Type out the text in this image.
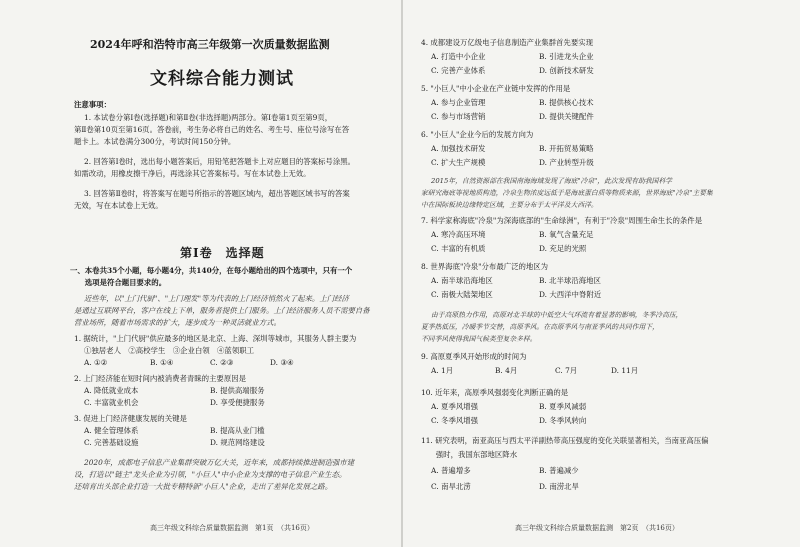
2024年呼和浩特市高三年级第一次质量数据监测
文科综合能力测试
注意事项：
1. 本试卷分第Ⅰ卷(选择题)和第Ⅱ卷(非选择题)两部分。第Ⅰ卷第1页至第9页，
第Ⅱ卷第10页至第16页。答卷前，考生务必将自己的姓名、考生号、座位号涂写在答
题卡上。本试卷满分300分，考试时间150分钟。
2. 回答第Ⅰ卷时，选出每小题答案后，用铅笔把答题卡上对应题目的答案标号涂黑。
如需改动，用橡皮擦干净后，再选涂其它答案标号。写在本试卷上无效。
3. 回答第Ⅱ卷时，将答案写在题号所指示的答题区域内，超出答题区域书写的答案
无效，写在本试卷上无效。
第Ⅰ卷　选择题
一、本卷共35个小题，每小题4分，共140分，在每小题给出的四个选项中，只有一个
　　选项是符合题目要求的。
近些年，以"上门代厨"、"上门理发"等为代表的上门经济悄然火了起来。上门经济
是通过互联网平台，客户在线上下单，服务者提供上门服务。上门经济服务人员不需要自备
营业场所，随着市场需求的扩大，逐步成为一种灵活就业方式。
1. 据统计，"上门代厨"供应最多的地区是北京、上海、深圳等城市，其服务人群主要为
①独居老人　②高校学生　③企业白领　④蓝领职工
A. ①②	B. ①④	C. ②③	D. ③④
2. 上门经济能在短时间内被消费者青睐的主要原因是
A. 降低就业成本	B. 提供高端服务
C. 丰富就业机会	D. 享受便捷服务
3. 促进上门经济健康发展的关键是
A. 健全管理体系	B. 提高从业门槛
C. 完善基础设施	D. 规范网络建设
2020年，成都电子信息产业集群突破万亿大关，近年来，成都持续推进制造强市建
设，打造以"链主"龙头企业为引领，"小巨人"中小企业为支撑的电子信息产业生态。
还培育出头部企业打造一大批专精特新"小巨人"企业，走出了差异化发展之路。
高三年级文科综合质量数据监测　第1页　（共16页）
4. 成都建设万亿级电子信息制造产业集群首先要实现
A. 打造中小企业	B. 引进龙头企业
C. 完善产业体系	D. 创新技术研发
5. "小巨人"中小企业在产业链中发挥的作用是
A. 参与企业管理	B. 提供核心技术
C. 参与市场营销	D. 提供关键配件
6. "小巨人"企业今后的发展方向为
A. 加强技术研发	B. 开拓贸易策略
C. 扩大生产规模	D. 产业转型升级
2015年，自然资源部在我国南海海域发现了海底"冷泉"，此次发现有助我国科学
家研究海底等视地质构造，冷泉生物浓度远低于是海底蛋白质等物质来源，世界海底"冷泉"主要集
中在国际板块边缘特定区域，主要分布于太平洋及大西洋。
7. 科学家称海底"冷泉"为深海底部的"生命绿洲"，有利于"冷泉"周围生命生长的条件是
A. 寒冷高压环境	B. 氧气含量充足
C. 丰富的有机质	D. 充足的光照
8. 世界海底"冷泉"分布最广泛的地区为
A. 南半球沿海地区	B. 北半球沿海地区
C. 南极大陆架地区	D. 大西洋中脊附近
由于高原热力作用，高原对北半球的中低空大气环流有着显著的影响，冬季冷高压，
夏季热低压，冷暖季节交替，高原季风。在高原季风与南亚季风的共同作用下，
不同季风使得我国气候类型复杂多样。
9. 高原夏季风开始形成的时间为
A. 1月	B. 4月	C. 7月	D. 11月
10. 近年来，高原季风强弱变化判断正确的是
A. 夏季风增强	B. 夏季风减弱
C. 冬季风增强	D. 冬季风转向
11. 研究表明，南亚高压与西太平洋副热带高压强度的变化关联显著相关，当南亚高压偏
　　强时，我国东部地区降水
A. 普遍增多	B. 普遍减少
C. 南旱北涝	D. 南涝北旱
高三年级文科综合质量数据监测　第2页　（共16页）
